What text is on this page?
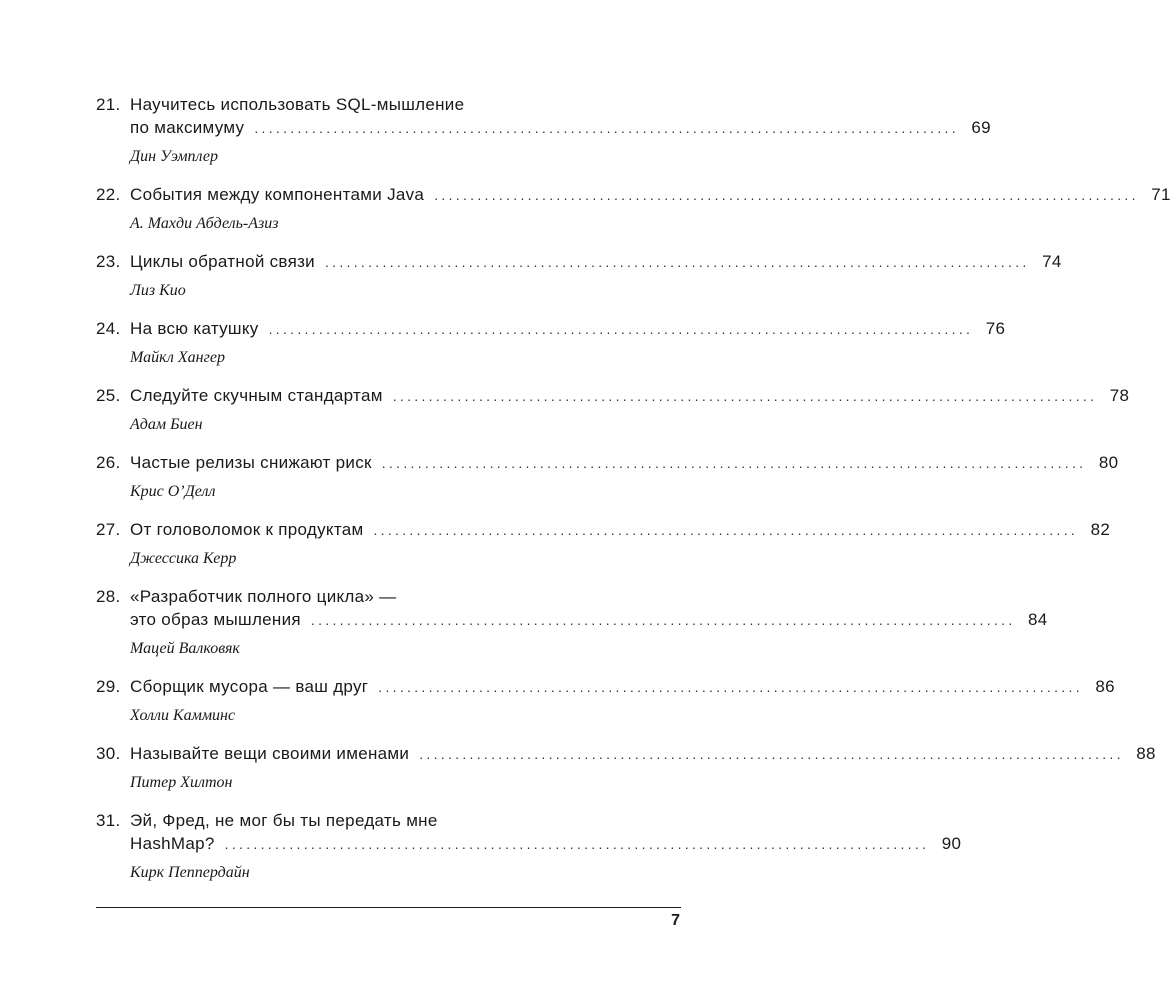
21. Научитесь использовать SQL-мышление
по максимуму .................................................................................................. 69
Дин Уэмплер
22. События между компонентами Java .................................................................................................. 71
А. Махди Абдель-Азиз
23. Циклы обратной связи .................................................................................................. 74
Лиз Кио
24. На всю катушку .................................................................................................. 76
Майкл Хангер
25. Следуйте скучным стандартам .................................................................................................. 78
Адам Биен
26. Частые релизы снижают риск .................................................................................................. 80
Крис О’Делл
27. От головоломок к продуктам .................................................................................................. 82
Джессика Керр
28. «Разработчик полного цикла» —
это образ мышления .................................................................................................. 84
Мацей Валковяк
29. Сборщик мусора — ваш друг .................................................................................................. 86
Холли Камминс
30. Называйте вещи своими именами .................................................................................................. 88
Питер Хилтон
31. Эй, Фред, не мог бы ты передать мне
HashMap? .................................................................................................. 90
Кирк Пеппердайн
7
